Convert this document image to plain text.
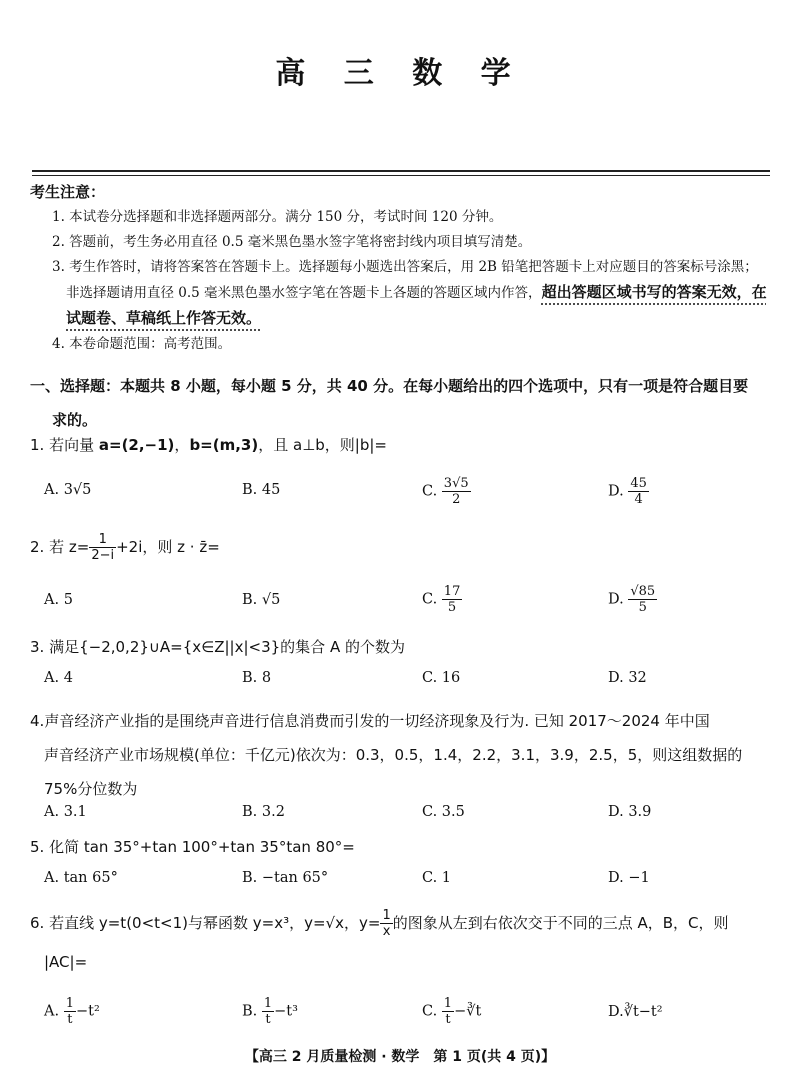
高 三 数 学
考生注意：
1. 本试卷分选择题和非选择题两部分。满分 150 分，考试时间 120 分钟。
2. 答题前，考生务必用直径 0.5 毫米黑色墨水签字笔将密封线内项目填写清楚。
3. 考生作答时，请将答案答在答题卡上。选择题每小题选出答案后，用 2B 铅笔把答题卡上对应题目的答案标号涂黑；非选择题请用直径 0.5 毫米黑色墨水签字笔在答题卡上各题的答题区域内作答，超出答题区域书写的答案无效，在试题卷、草稿纸上作答无效。
4. 本卷命题范围：高考范围。
一、选择题：本题共 8 小题，每小题 5 分，共 40 分。在每小题给出的四个选项中，只有一项是符合题目要
求的。
1. 若向量 a=(2,−1)，b=(m,3)，且 a⊥b，则|b|=
A. 3√5	B. 45	C. $\frac{3√5}{2}$	D. $\frac{45}{4}$
2. 若 $z= \frac{1}{2-i} +2i$，则 z · z̄=
A. 5	B. √5	C. $\frac{17}{5}$	D. $\frac{√85}{5}$
3. 满足{−2,0,2}∪A={x∈Z||x|<3}的集合 A 的个数为
A. 4	B. 8	C. 16	D. 32
4.声音经济产业指的是围绕声音进行信息消费而引发的一切经济现象及行为. 已知 2017～2024 年中国
声音经济产业市场规模(单位：千亿元)依次为：0.3，0.5，1.4，2.2，3.1，3.9，2.5，5，则这组数据的
75%分位数为
A. 3.1	B. 3.2	C. 3.5	D. 3.9
5. 化简 tan 35°+tan 100°+tan 35°tan 80°=
A. tan 65°	B. −tan 65°	C. 1	D. −1
6. 若直线 y=t(0<t<1)与幂函数 y=x³，y=√x，$y= \frac{1}{x}$ 的图象从左到右依次交于不同的三点 A，B，C，则
|AC|=
A. $\frac{1}{t} -t^2$	B. $\frac{1}{t} -t^3$	C. $\frac{1}{t}$ −∛t	D.∛t−t²
【高三 2 月质量检测 · 数学　第 1 页(共 4 页)】
